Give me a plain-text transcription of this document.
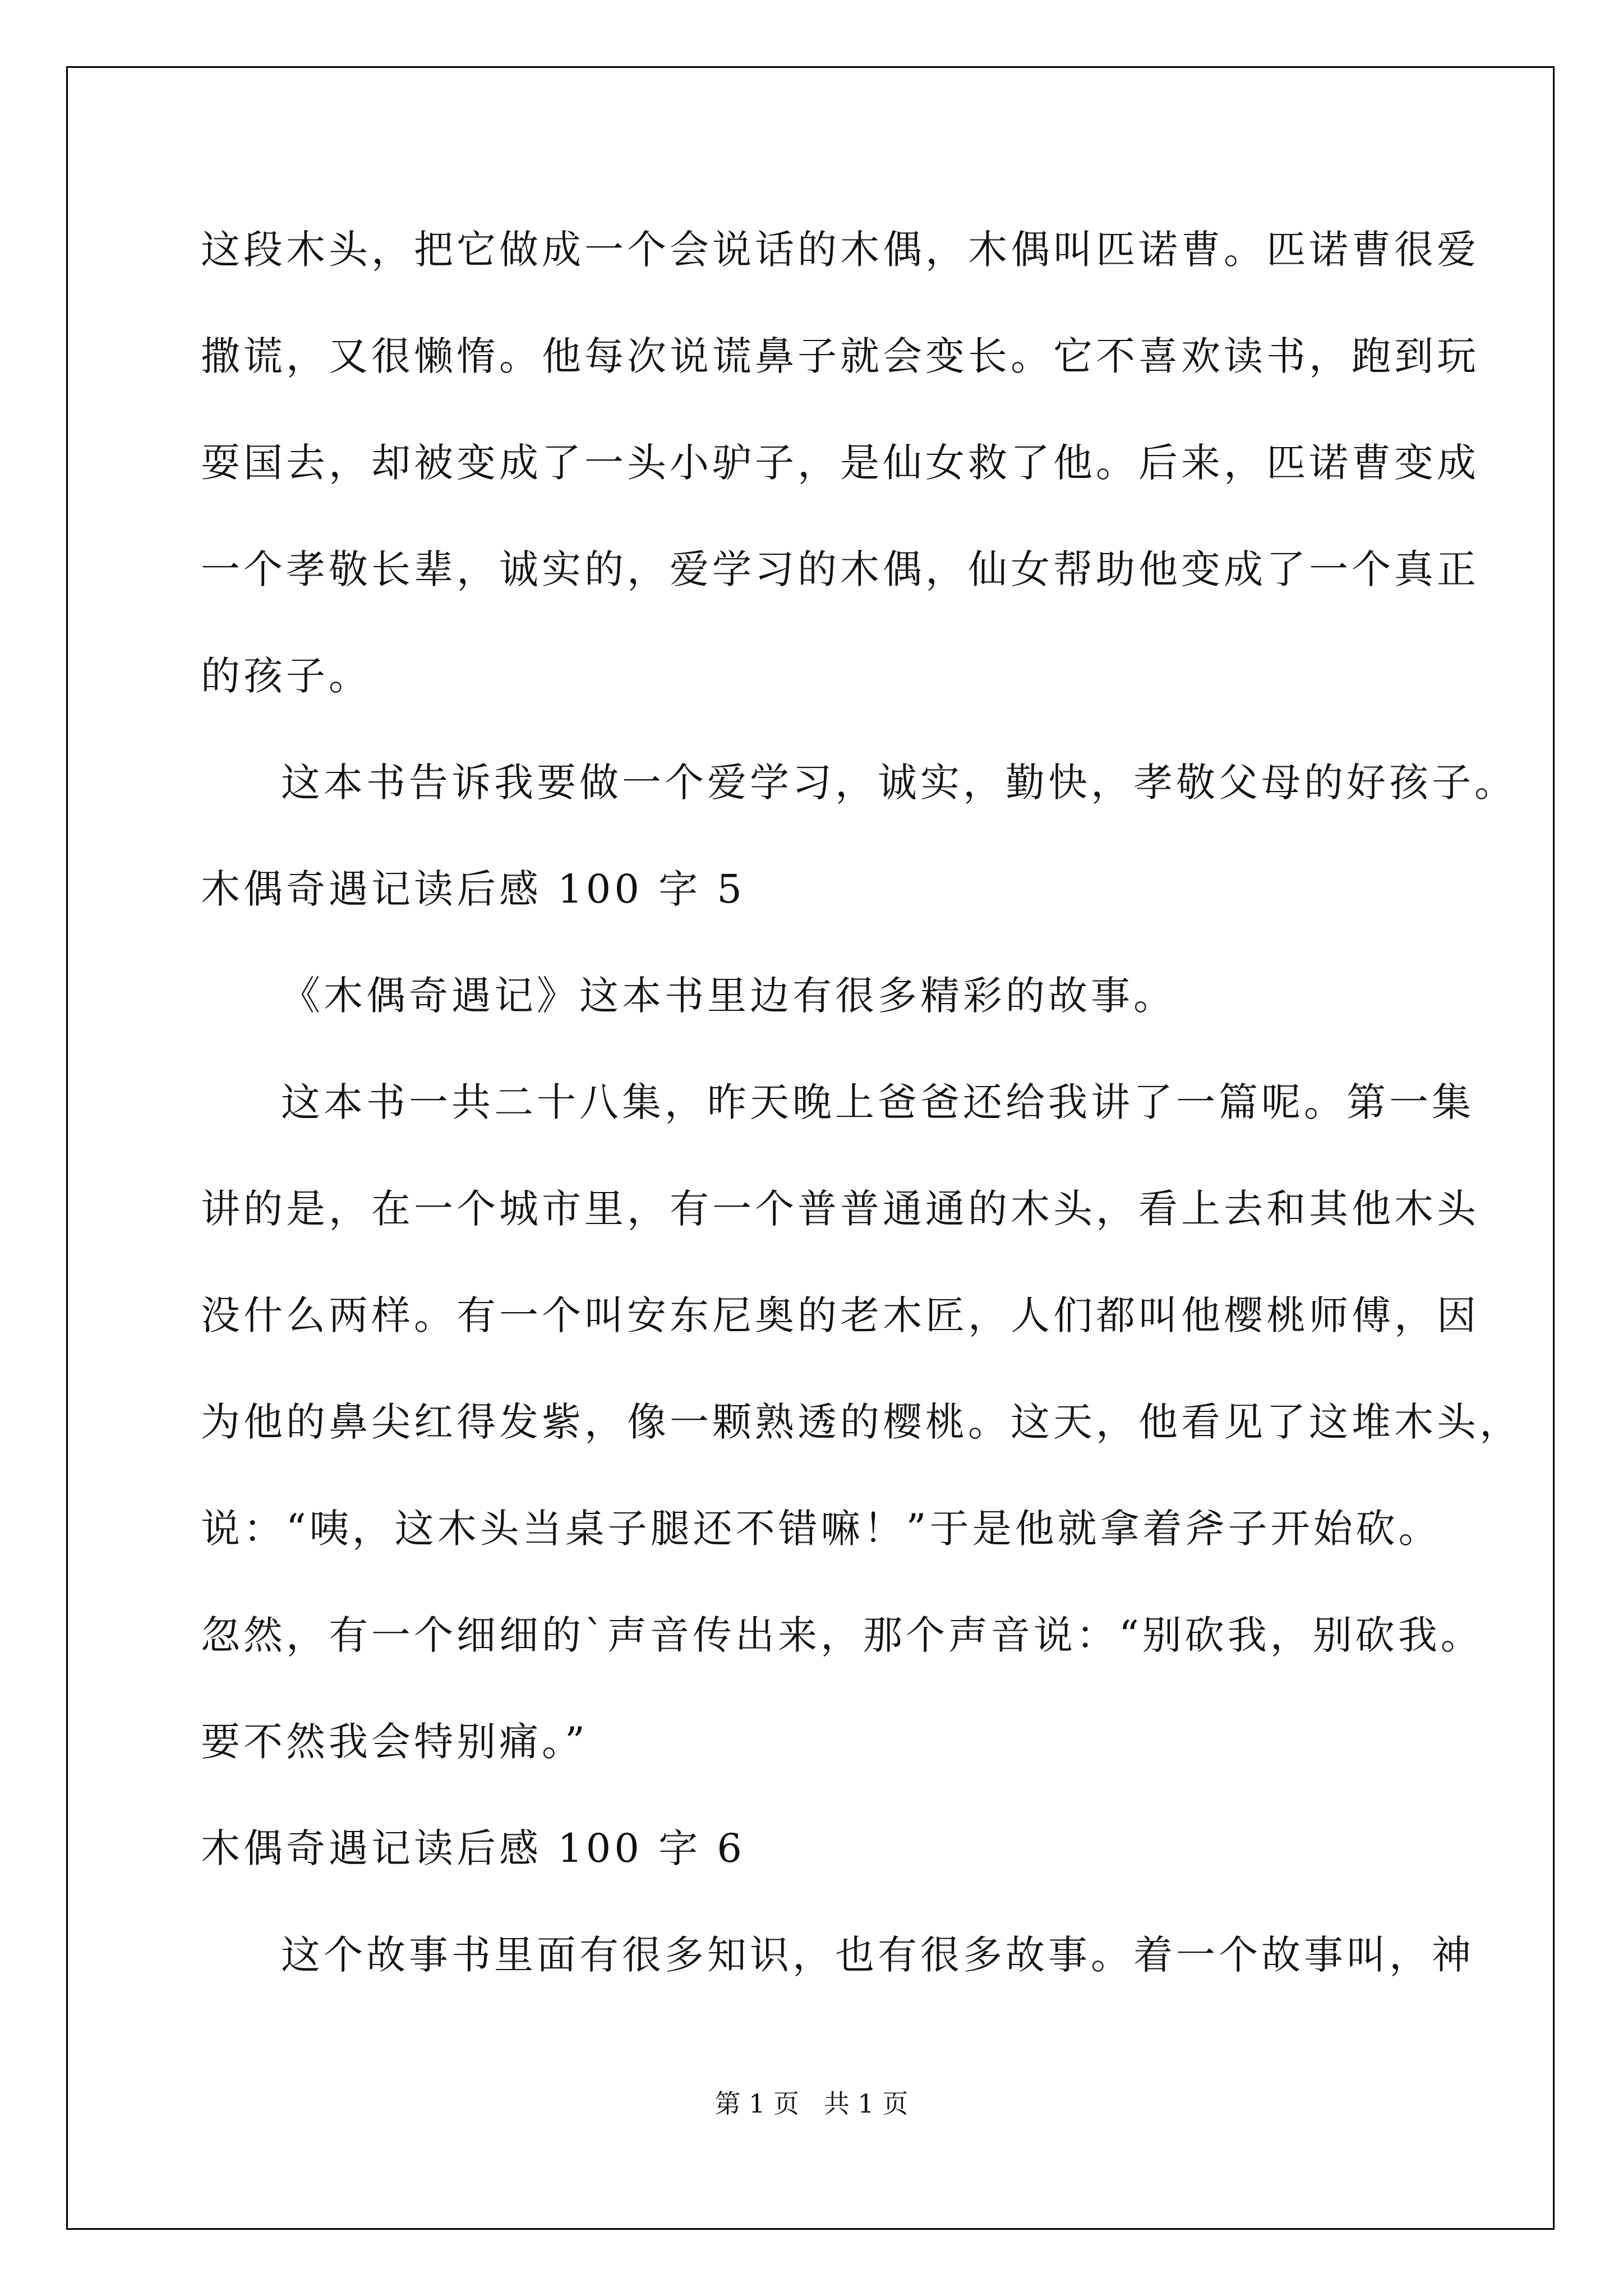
这段木头，把它做成一个会说话的木偶，木偶叫匹诺曹。匹诺曹很爱
撒谎，又很懒惰。他每次说谎鼻子就会变长。它不喜欢读书，跑到玩
耍国去，却被变成了一头小驴子，是仙女救了他。后来，匹诺曹变成
一个孝敬长辈，诚实的，爱学习的木偶，仙女帮助他变成了一个真正
的孩子。
这本书告诉我要做一个爱学习，诚实，勤快，孝敬父母的好孩子。
木偶奇遇记读后感 100 字 5
《木偶奇遇记》这本书里边有很多精彩的故事。
这本书一共二十八集，昨天晚上爸爸还给我讲了一篇呢。第一集
讲的是，在一个城市里，有一个普普通通的木头，看上去和其他木头
没什么两样。有一个叫安东尼奥的老木匠，人们都叫他樱桃师傅，因
为他的鼻尖红得发紫，像一颗熟透的樱桃。这天，他看见了这堆木头，
说：“咦，这木头当桌子腿还不错嘛！”于是他就拿着斧子开始砍。
忽然，有一个细细的`声音传出来，那个声音说：“别砍我，别砍我。
要不然我会特别痛。”
木偶奇遇记读后感 100 字 6
这个故事书里面有很多知识，也有很多故事。着一个故事叫，神
第 1 页   共 1 页
